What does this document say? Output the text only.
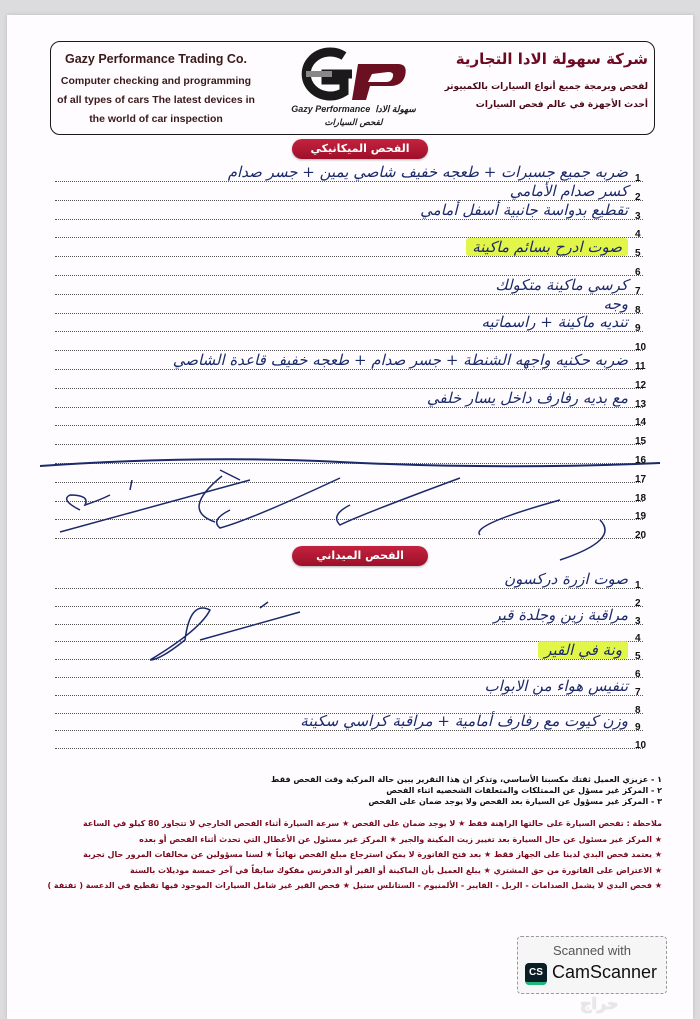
Gazy Performance Trading Co.
Computer checking and programming
of all types of cars The latest devices in
the world of car inspection
Gazy Performance سهولة الادا
لفحص السيارات
شركة سهولة الادا التجارية
لفحص وبرمجة جميع أنواع السيارات بالكمبيوتر
أحدث الأجهزة في عالم فحص السيارات
الفحص الميكانيكي
1
ضربه جميع جسبرات + طعجه خفيف شاصي يمين + جسر صدام
2
كسر صدام الأمامي
3
تقطيع بدواسة جانبية أسفل أمامي
4
5
صوت ادرح بسائم ماكينة
6
7
كرسي ماكينة متكولك
8
وجه
9
تنديه ماكينة + راسماتيه
10
11
ضربه حكنيه واجهه الشنطة + جسر صدام + طعجه خفيف قاعدة الشاصي
12
13
مع بديه رفارف داخل يسار خلفي
14
15
16
17
18
19
20
الفحص الميداني
1
صوت ازرة دركسون
2
3
مراقبة زين وجلدة قير
4
5
ونة في القير
6
7
تنفيس هواء من الابواب
8
9
وزن كيوت مع رفارف أمامية + مراقبة كراسي سكينة
10
١ - عزيزي العميل ثقتك مكسبنا الأساسي، وتذكر ان هذا التقرير يبين حالة المركبة وقت الفحص فقط
٢ - المركز غير مسؤل عن الممتلكات والمتعلقات الشخصيه اثناء الفحص
٣ - المركز غير مسؤول عن السيارة بعد الفحص ولا يوجد ضمان على الفحص
ملاحظة : تفحص السيارة على حالتها الراهنة فقط ★ لا يوجد ضمان على الفحص ★ سرعة السيارة أثناء الفحص الخارجي لا تتجاوز 80 كيلو في الساعة
★ المركز غير مسئول عن حال السيارة بعد تغيير زيت المكينة والجير ★ المركز غير مسئول عن الأعطال التي تحدث أثناء الفحص أو بعده
★ يعتمد فحص البدي لدينا على الجهاز فقط ★ بعد فتح الفاتورة لا يمكن استرجاع مبلغ الفحص نهائياً ★ لسنا مسؤولين عن مخالفات المرور حال تجربة
★ الاعتراض على الفاتورة من حق المشتري ★ يبلغ العميل بأن الماكينة أو القير أو الدفرنس مفكوك سابقاً في آخر خمسة موديلات بالسنة
★ فحص البدي لا يشمل الصدامات - الربل - الفايبر - الألمنيوم - الستانلس ستيل ★ فحص القير غير شامل السيارات الموجود فيها تقطيع في الدعسة ( تفتفة )
Scanned with
CS CamScanner
حراج
